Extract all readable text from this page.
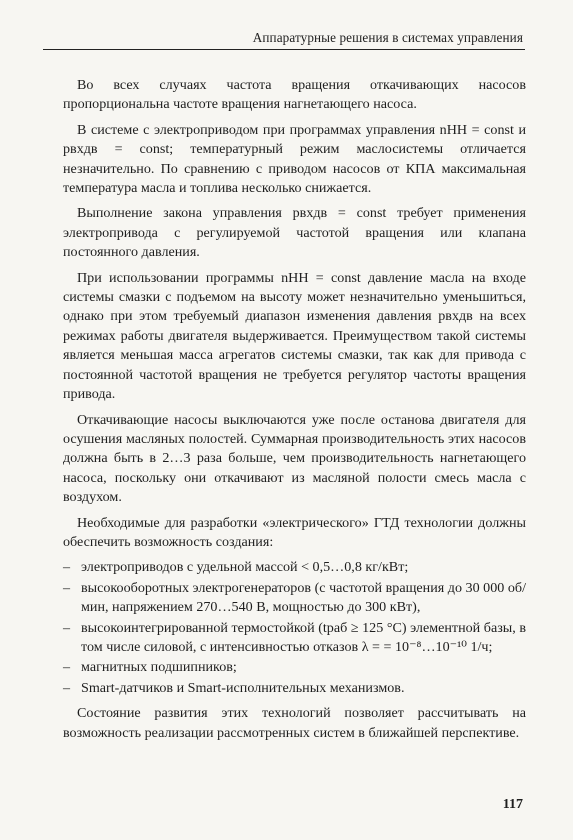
Аппаратурные решения в системах управления

Во всех случаях частота вращения откачивающих насосов пропорциональна частоте вращения нагнетающего насоса.

В системе с электроприводом при программах управления nНН = const и pвхдв = const; температурный режим маслосистемы отличается незначительно. По сравнению с приводом насосов от КПА максимальная температура масла и топлива несколько снижается.

Выполнение закона управления pвхдв = const требует применения электропривода с регулируемой частотой вращения или клапана постоянного давления.

При использовании программы nНН = const давление масла на входе системы смазки с подъемом на высоту может незначительно уменьшиться, однако при этом требуемый диапазон изменения давления pвхдв на всех режимах работы двигателя выдерживается. Преимуществом такой системы является меньшая масса агрегатов системы смазки, так как для привода с постоянной частотой вращения не требуется регулятор частоты вращения привода.

Откачивающие насосы выключаются уже после останова двигателя для осушения масляных полостей. Суммарная производительность этих насосов должна быть в 2…3 раза больше, чем производительность нагнетающего насоса, поскольку они откачивают из масляной полости смесь масла с воздухом.

Необходимые для разработки «электрического» ГТД технологии должны обеспечить возможность создания:

– электроприводов с удельной массой < 0,5…0,8 кг/кВт;
– высокооборотных электрогенераторов (с частотой вращения до 30 000 об/мин, напряжением 270…540 В, мощностью до 300 кВт),
– высокоинтегрированной термостойкой (tраб ≥ 125 °C) элементной базы, в том числе силовой, с интенсивностью отказов λ = = 10⁻⁸…10⁻¹⁰ 1/ч;
– магнитных подшипников;
– Smart-датчиков и Smart-исполнительных механизмов.

Состояние развития этих технологий позволяет рассчитывать на возможность реализации рассмотренных систем в ближайшей перспективе.

117
